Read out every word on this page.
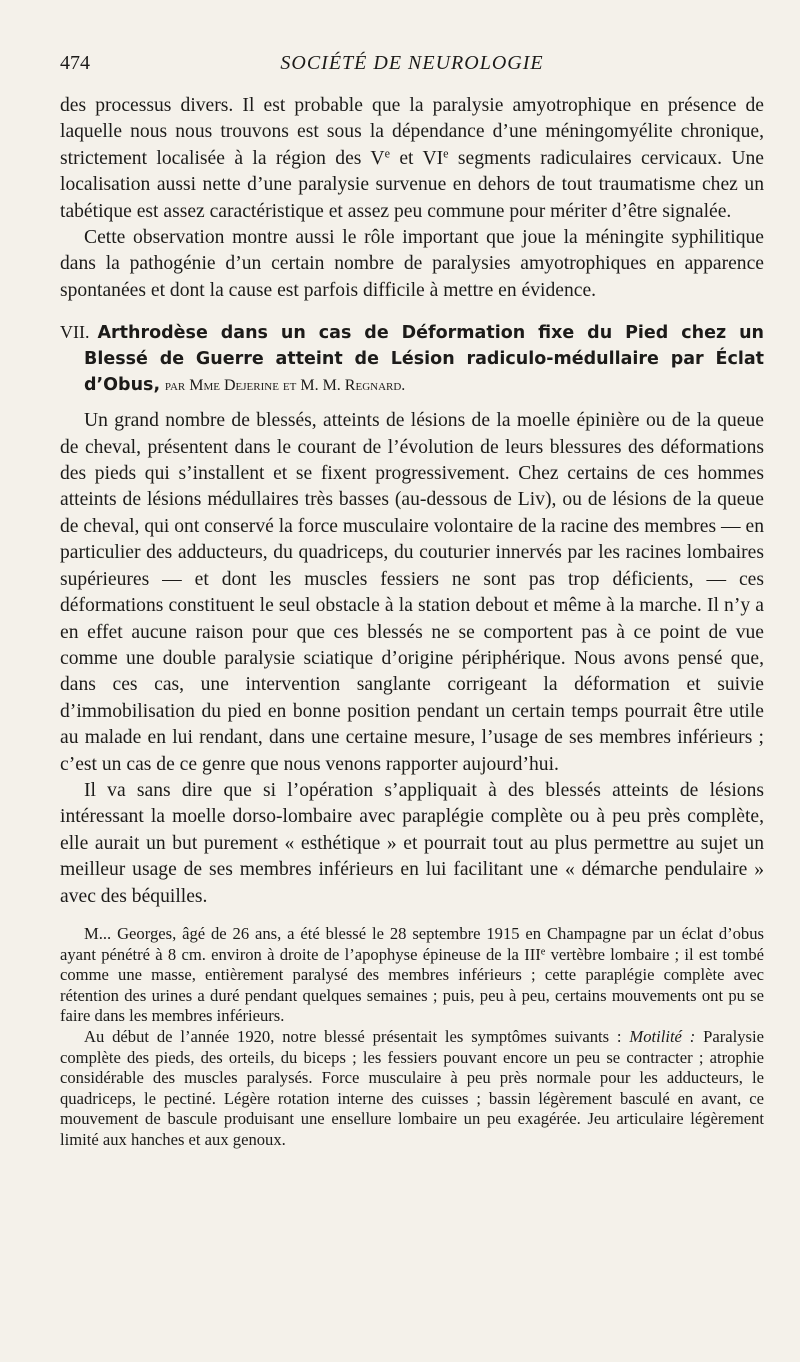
474	SOCIÉTÉ DE NEUROLOGIE

des processus divers. Il est probable que la paralysie amyotrophique en présence de laquelle nous nous trouvons est sous la dépendance d’une méningomyélite chronique, strictement localisée à la région des Ve et VIe segments radiculaires cervicaux. Une localisation aussi nette d’une paralysie survenue en dehors de tout traumatisme chez un tabétique est assez caractéristique et assez peu commune pour mériter d’être signalée.

Cette observation montre aussi le rôle important que joue la méningite syphilitique dans la pathogénie d’un certain nombre de paralysies amyotrophiques en apparence spontanées et dont la cause est parfois difficile à mettre en évidence.

VII. Arthrodèse dans un cas de Déformation fixe du Pied chez un Blessé de Guerre atteint de Lésion radiculo-médullaire par Éclat d’Obus, par Mme Dejerine et M. M. Regnard.

Un grand nombre de blessés, atteints de lésions de la moelle épinière ou de la queue de cheval, présentent dans le courant de l’évolution de leurs blessures des déformations des pieds qui s’installent et se fixent progressivement. Chez certains de ces hommes atteints de lésions médullaires très basses (au-dessous de Liv), ou de lésions de la queue de cheval, qui ont conservé la force musculaire volontaire de la racine des membres — en particulier des adducteurs, du quadriceps, du couturier innervés par les racines lombaires supérieures — et dont les muscles fessiers ne sont pas trop déficients, — ces déformations constituent le seul obstacle à la station debout et même à la marche. Il n’y a en effet aucune raison pour que ces blessés ne se comportent pas à ce point de vue comme une double paralysie sciatique d’origine périphérique. Nous avons pensé que, dans ces cas, une intervention sanglante corrigeant la déformation et suivie d’immobilisation du pied en bonne position pendant un certain temps pourrait être utile au malade en lui rendant, dans une certaine mesure, l’usage de ses membres inférieurs ; c’est un cas de ce genre que nous venons rapporter aujourd’hui.

Il va sans dire que si l’opération s’appliquait à des blessés atteints de lésions intéressant la moelle dorso-lombaire avec paraplégie complète ou à peu près complète, elle aurait un but purement « esthétique » et pourrait tout au plus permettre au sujet un meilleur usage de ses membres inférieurs en lui facilitant une « démarche pendulaire » avec des béquilles.

M... Georges, âgé de 26 ans, a été blessé le 28 septembre 1915 en Champagne par un éclat d’obus ayant pénétré à 8 cm. environ à droite de l’apophyse épineuse de la IIIe vertèbre lombaire ; il est tombé comme une masse, entièrement paralysé des membres inférieurs ; cette paraplégie complète avec rétention des urines a duré pendant quelques semaines ; puis, peu à peu, certains mouvements ont pu se faire dans les membres inférieurs.

Au début de l’année 1920, notre blessé présentait les symptômes suivants : Motilité : Paralysie complète des pieds, des orteils, du biceps ; les fessiers pouvant encore un peu se contracter ; atrophie considérable des muscles paralysés. Force musculaire à peu près normale pour les adducteurs, le quadriceps, le pectiné. Légère rotation interne des cuisses ; bassin légèrement basculé en avant, ce mouvement de bascule produisant une ensellure lombaire un peu exagérée. Jeu articulaire légèrement limité aux hanches et aux genoux.
